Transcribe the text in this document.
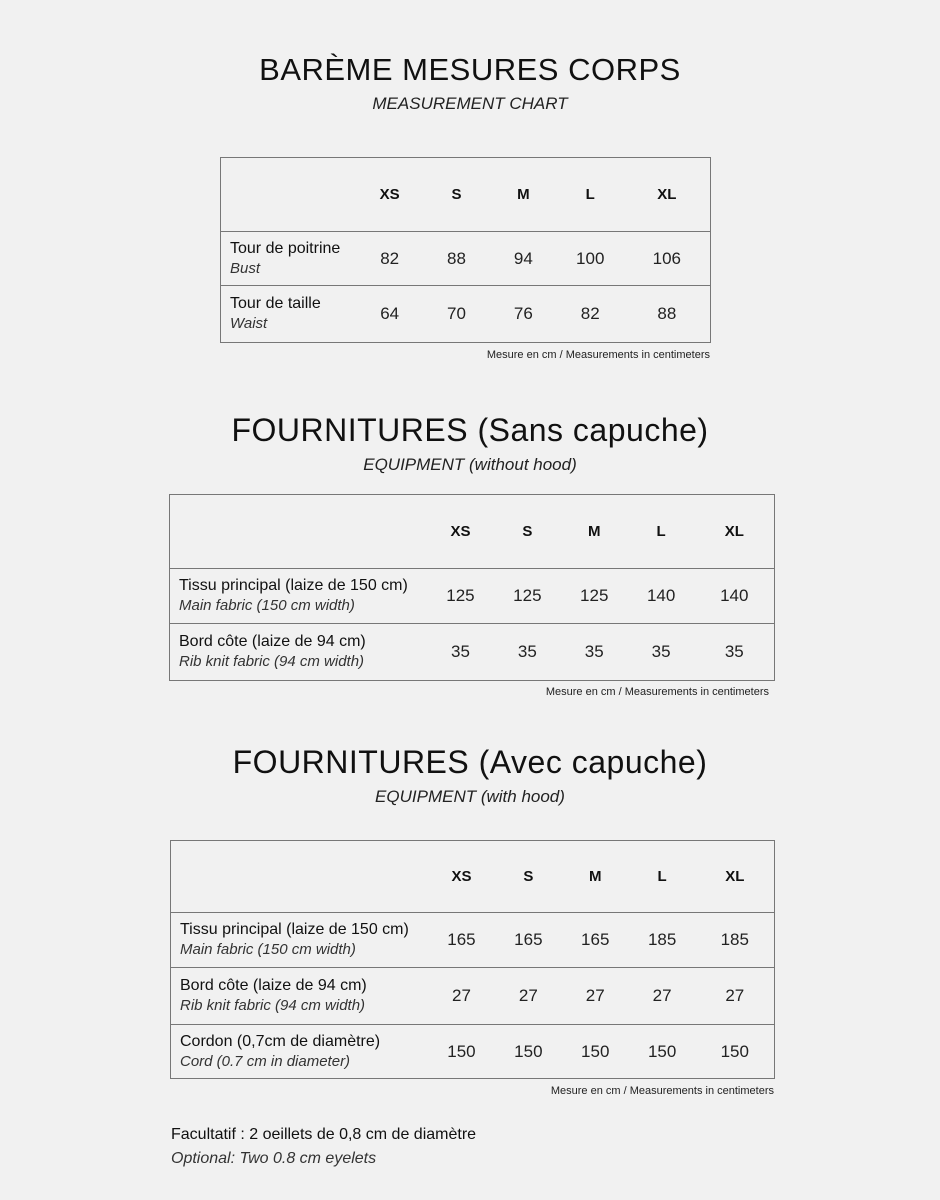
BARÈME MESURES CORPS
MEASUREMENT CHART
	XS	S	M	L	XL

Tour de poitrine
Bust	82	88	94	100	106

Tour de taille
Waist	64	70	76	82	88
Mesure en cm / Measurements in centimeters
FOURNITURES (Sans capuche)
EQUIPMENT (without hood)
	XS	S	M	L	XL

Tissu principal (laize de 150 cm)
Main fabric (150 cm width)	125	125	125	140	140

Bord côte (laize de 94 cm)
Rib knit fabric (94 cm width)	35	35	35	35	35
Mesure en cm / Measurements in centimeters
FOURNITURES (Avec capuche)
EQUIPMENT (with hood)
	XS	S	M	L	XL

Tissu principal (laize de 150 cm)
Main fabric (150 cm width)	165	165	165	185	185

Bord côte (laize de 94 cm)
Rib knit fabric (94 cm width)	27	27	27	27	27

Cordon (0,7cm de diamètre)
Cord (0.7 cm in diameter)	150	150	150	150	150
Mesure en cm / Measurements in centimeters
Facultatif : 2 oeillets de 0,8 cm de diamètre
Optional: Two 0.8 cm eyelets
